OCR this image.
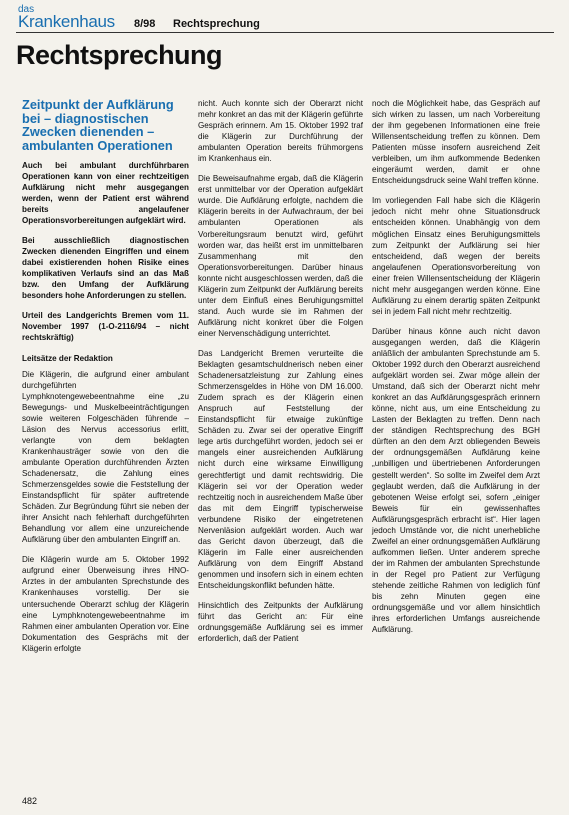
das
Krankenhaus 8/98 Rechtsprechung
Rechtsprechung
Zeitpunkt der Aufklärung bei – diagnostischen Zwecken dienenden – ambulanten Operationen

Auch bei ambulant durchführbaren Operationen kann von einer rechtzeitigen Aufklärung nicht mehr ausgegangen werden, wenn der Patient erst während bereits angelaufener Operationsvorbereitungen aufgeklärt wird.

Bei ausschließlich diagnostischen Zwecken dienenden Eingriffen und einem dabei existierenden hohen Risike eines komplikativen Verlaufs sind an das Maß bzw. den Umfang der Aufklärung besonders hohe Anforderungen zu stellen.

Urteil des Landgerichts Bremen vom 11. November 1997 (1-O-2116/94 – nicht rechtskräftig)

Leitsätze der Redaktion

Die Klägerin, die aufgrund einer ambulant durchgeführten Lymphknotengewebeentnahme eine „zu Bewegungs- und Muskelbeeinträchtigungen sowie weiteren Folgeschäden führende – Läsion des Nervus accessorius erlitt, verlangte von dem beklagten Krankenhausträger sowie von den die ambulante Operation durchführenden Ärzten Schadenersatz, die Zahlung eines Schmerzensgeldes sowie die Feststellung der Einstandspflicht für später auftretende Schäden. Zur Begründung führt sie neben der ihrer Ansicht nach fehlerhaft durchgeführten Behandlung vor allem eine unzureichende Aufklärung über den ambulanten Eingriff an.

Die Klägerin wurde am 5. Oktober 1992 aufgrund einer Überweisung ihres HNO-Arztes in der ambulanten Sprechstunde des Krankenhauses vorstellig. Der sie untersuchende Oberarzt schlug der Klägerin eine Lymphknotengewebeentnahme im Rahmen einer ambulanten Operation vor. Eine Dokumentation des Gesprächs mit der Klägerin erfolgte

nicht. Auch konnte sich der Oberarzt nicht mehr konkret an das mit der Klägerin geführte Gespräch erinnern. Am 15. Oktober 1992 traf die Klägerin zur Durchführung der ambulanten Operation bereits frühmorgens im Krankenhaus ein.

Die Beweisaufnahme ergab, daß die Klägerin erst unmittelbar vor der Operation aufgeklärt wurde. Die Aufklärung erfolgte, nachdem die Klägerin bereits in der Aufwachraum, der bei ambulanten Operationen als Vorbereitungsraum benutzt wird, geführt worden war, das heißt erst im unmittelbaren Zusammenhang mit den Operationsvorbereitungen. Darüber hinaus konnte nicht ausgeschlossen werden, daß die Klägerin zum Zeitpunkt der Aufklärung bereits unter dem Einfluß eines Beruhigungsmittel stand. Auch wurde sie im Rahmen der Aufklärung nicht konkret über die Folgen einer Nervenschädigung unterrichtet.

Das Landgericht Bremen verurteilte die Beklagten gesamtschuldnerisch neben einer Schadenersatzleistung zur Zahlung eines Schmerzensgeldes in Höhe von DM 16.000. Zudem sprach es der Klägerin einen Anspruch auf Feststellung der Einstandspflicht für etwaige zukünftige Schäden zu. Zwar sei der operative Eingriff lege artis durchgeführt worden, jedoch sei er mangels einer ausreichenden Aufklärung nicht durch eine wirksame Einwilligung gerechtfertigt und damit rechtswidrig. Die Klägerin sei vor der Operation weder rechtzeitig noch in ausreichendem Maße über das mit dem Eingriff typischerweise verbundene Risiko der eingetretenen Nervenläsion aufgeklärt worden. Auch war das Gericht davon überzeugt, daß die Klägerin im Falle einer ausreichenden Aufklärung von dem Eingriff Abstand genommen und insofern sich in einem echten Entscheidungskonflikt befunden hätte.

Hinsichtlich des Zeitpunkts der Aufklärung führt das Gericht an: Für eine ordnungsgemäße Aufklärung sei es immer erforderlich, daß der Patient

noch die Möglichkeit habe, das Gespräch auf sich wirken zu lassen, um nach Vorbereitung der ihm gegebenen Informationen eine freie Willensentscheidung treffen zu können. Dem Patienten müsse insofern ausreichend Zeit verbleiben, um ihm aufkommende Bedenken eingeräumt werden, damit er ohne Entscheidungsdruck seine Wahl treffen könne.

Im vorliegenden Fall habe sich die Klägerin jedoch nicht mehr ohne Situationsdruck entscheiden können. Unabhängig von dem möglichen Einsatz eines Beruhigungsmittels zum Zeitpunkt der Aufklärung sei hier entscheidend, daß wegen der bereits angelaufenen Operationsvorbereitung von einer freien Willensentscheidung der Klägerin nicht mehr ausgegangen werden könne. Eine Aufklärung zu einem derartig späten Zeitpunkt sei in jedem Fall nicht mehr rechtzeitig.

Darüber hinaus könne auch nicht davon ausgegangen werden, daß die Klägerin anläßlich der ambulanten Sprechstunde am 5. Oktober 1992 durch den Oberarzt ausreichend aufgeklärt worden sei. Zwar möge allein der Umstand, daß sich der Oberarzt nicht mehr konkret an das Aufklärungsgespräch erinnern könne, nicht aus, um eine Entscheidung zu Lasten der Beklagten zu treffen. Denn nach der ständigen Rechtsprechung des BGH dürften an den dem Arzt obliegenden Beweis der ordnungsgemäßen Aufklärung keine „unbilligen und übertriebenen Anforderungen gestellt werden“. So sollte im Zweifel dem Arzt geglaubt werden, daß die Aufklärung in der gebotenen Weise erfolgt sei, sofern „einiger Beweis für ein gewissenhaftes Aufklärungsgespräch erbracht ist“. Hier lagen jedoch Umstände vor, die nicht unerhebliche Zweifel an einer ordnungsgemäßen Aufklärung aufkommen ließen. Unter anderem spreche der im Rahmen der ambulanten Sprechstunde in der Regel pro Patient zur Verfügung stehende zeitliche Rahmen von lediglich fünf bis zehn Minuten gegen eine ordnungsgemäße und vor allem hinsichtlich ihres erforderlichen Umfangs ausreichende Aufklärung.

482
